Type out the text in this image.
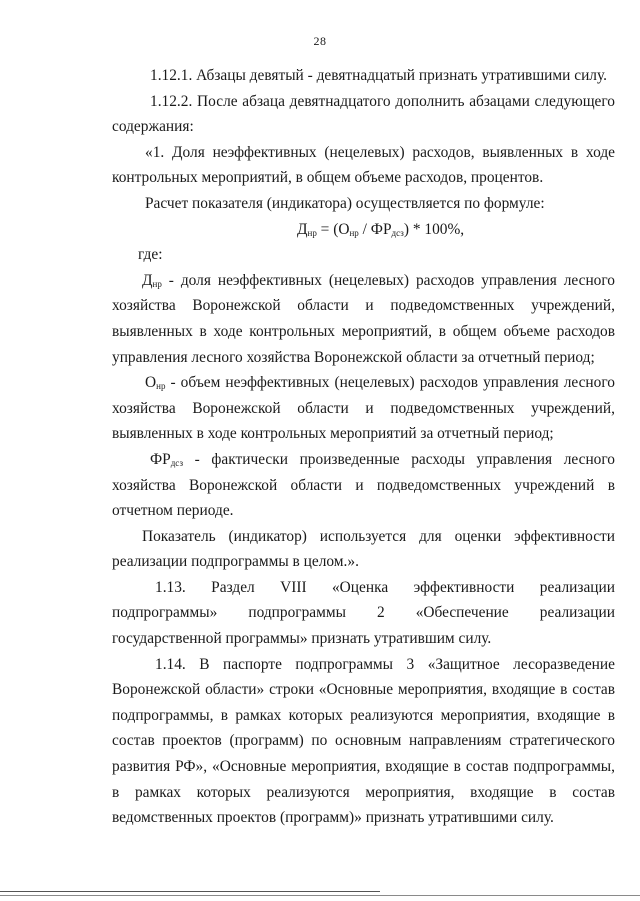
28

1.12.1. Абзацы девятый - девятнадцатый признать утратившими силу.

1.12.2. После абзаца девятнадцатого дополнить абзацами следующего содержания:

«1. Доля неэффективных (нецелевых) расходов, выявленных в ходе контрольных мероприятий, в общем объеме расходов, процентов.

Расчет показателя (индикатора) осуществляется по формуле:

$Д_{нр} = (О_{нр} / ФР_{дсз}) * 100\%$,

где:

$Д_{нр}$ - доля неэффективных (нецелевых) расходов управления лесного хозяйства Воронежской области и подведомственных учреждений, выявленных в ходе контрольных мероприятий, в общем объеме расходов управления лесного хозяйства Воронежской области за отчетный период;

$О_{нр}$ - объем неэффективных (нецелевых) расходов управления лесного хозяйства Воронежской области и подведомственных учреждений, выявленных в ходе контрольных мероприятий за отчетный период;

$ФР_{дсз}$ - фактически произведенные расходы управления лесного хозяйства Воронежской области и подведомственных учреждений в отчетном периоде.

Показатель (индикатор) используется для оценки эффективности реализации подпрограммы в целом.».

1.13. Раздел VIII «Оценка эффективности реализации подпрограммы» подпрограммы 2 «Обеспечение реализации государственной программы» признать утратившим силу.

1.14. В паспорте подпрограммы 3 «Защитное лесоразведение Воронежской области» строки «Основные мероприятия, входящие в состав подпрограммы, в рамках которых реализуются мероприятия, входящие в состав проектов (программ) по основным направлениям стратегического развития РФ», «Основные мероприятия, входящие в состав подпрограммы, в рамках которых реализуются мероприятия, входящие в состав ведомственных проектов (программ)» признать утратившими силу.
